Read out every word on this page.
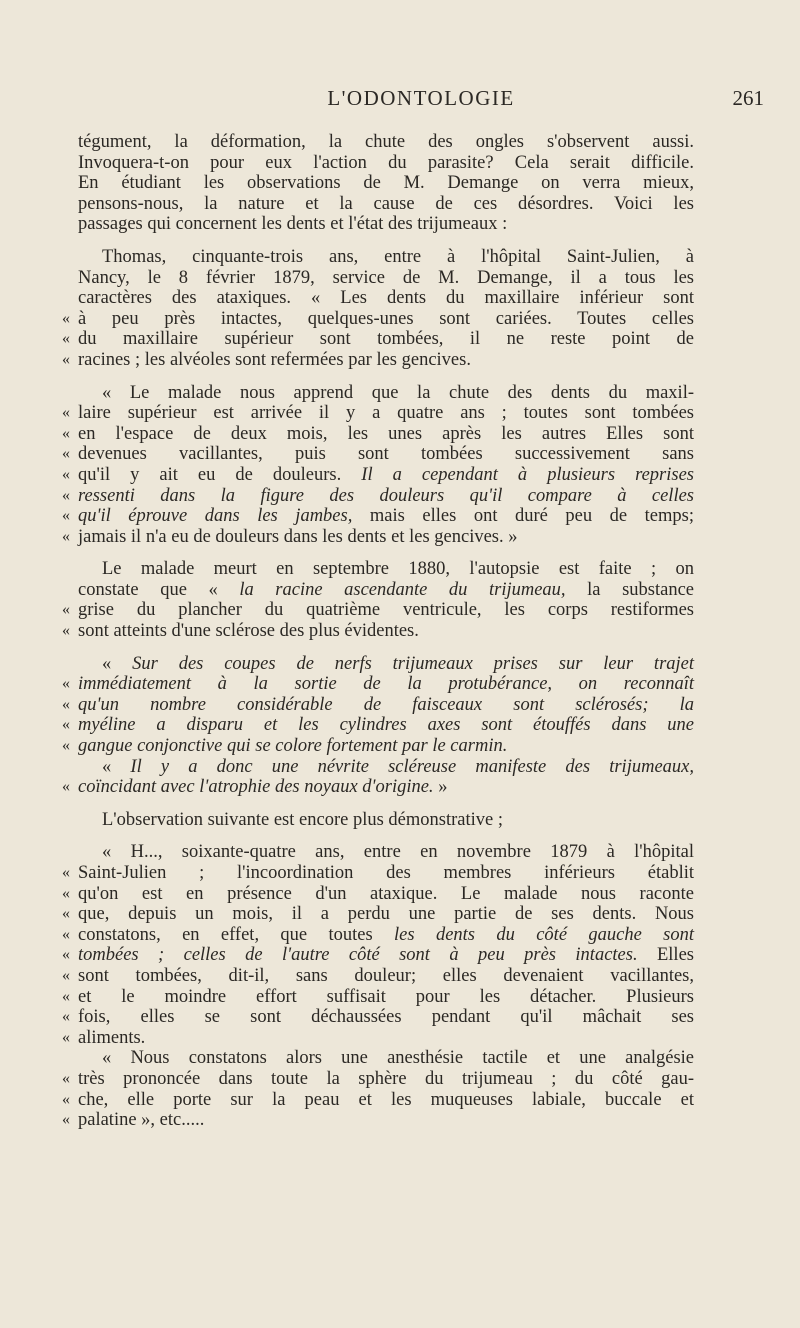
L'ODONTOLOGIE	261
tégument, la déformation, la chute des ongles s'observent aussi.
Invoquera-t-on pour eux l'action du parasite? Cela serait difficile.
En étudiant les observations de M. Demange on verra mieux,
pensons-nous, la nature et la cause de ces désordres. Voici les
passages qui concernent les dents et l'état des trijumeaux :
Thomas, cinquante-trois ans, entre à l'hôpital Saint-Julien, à
Nancy, le 8 février 1879, service de M. Demange, il a tous les
caractères des ataxiques. « Les dents du maxillaire inférieur sont
« à peu près intactes, quelques-unes sont cariées. Toutes celles
« du maxillaire supérieur sont tombées, il ne reste point de
« racines ; les alvéoles sont refermées par les gencives.
« Le malade nous apprend que la chute des dents du maxil-
« laire supérieur est arrivée il y a quatre ans ; toutes sont tombées
« en l'espace de deux mois, les unes après les autres Elles sont
« devenues vacillantes, puis sont tombées successivement sans
« qu'il y ait eu de douleurs. Il a cependant à plusieurs reprises
« ressenti dans la figure des douleurs qu'il compare à celles
« qu'il éprouve dans les jambes, mais elles ont duré peu de temps;
« jamais il n'a eu de douleurs dans les dents et les gencives. »
Le malade meurt en septembre 1880, l'autopsie est faite ; on
constate que « la racine ascendante du trijumeau, la substance
« grise du plancher du quatrième ventricule, les corps restiformes
« sont atteints d'une sclérose des plus évidentes.
« Sur des coupes de nerfs trijumeaux prises sur leur trajet
« immédiatement à la sortie de la protubérance, on reconnaît
« qu'un nombre considérable de faisceaux sont sclérosés; la
« myéline a disparu et les cylindres axes sont étouffés dans une
« gangue conjonctive qui se colore fortement par le carmin.
« Il y a donc une névrite scléreuse manifeste des trijumeaux,
« coïncidant avec l'atrophie des noyaux d'origine. »
L'observation suivante est encore plus démonstrative ;
« H..., soixante-quatre ans, entre en novembre 1879 à l'hôpital
« Saint-Julien ; l'incoordination des membres inférieurs établit
« qu'on est en présence d'un ataxique. Le malade nous raconte
« que, depuis un mois, il a perdu une partie de ses dents. Nous
« constatons, en effet, que toutes les dents du côté gauche sont
« tombées ; celles de l'autre côté sont à peu près intactes. Elles
« sont tombées, dit-il, sans douleur; elles devenaient vacillantes,
« et le moindre effort suffisait pour les détacher. Plusieurs
« fois, elles se sont déchaussées pendant qu'il mâchait ses
« aliments.
« Nous constatons alors une anesthésie tactile et une analgésie
« très prononcée dans toute la sphère du trijumeau ; du côté gau-
« che, elle porte sur la peau et les muqueuses labiale, buccale et
« palatine », etc.....
